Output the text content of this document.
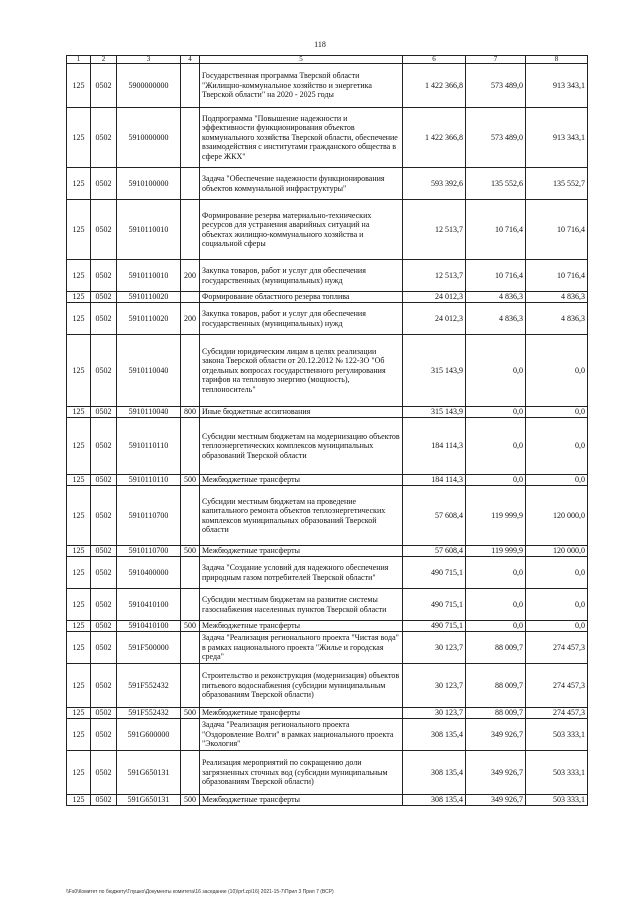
118
1	2	3	4	5	6	7	8
125	0502	5900000000		Государственная программа Тверской области "Жилищно-коммунальное хозяйство и энергетика Тверской области" на 2020 - 2025 годы	1 422 366,8	573 489,0	913 343,1
125	0502	5910000000		Подпрограмма "Повышение надежности и эффективности функционирования объектов коммунального хозяйства Тверской области, обеспечение взаимодействия с институтами гражданского общества в сфере ЖКХ"	1 422 366,8	573 489,0	913 343,1
125	0502	5910100000		Задача "Обеспечение надежности функционирования объектов коммунальной инфраструктуры"	593 392,6	135 552,6	135 552,7
125	0502	5910110010		Формирование резерва материально-технических ресурсов для устранения аварийных ситуаций на объектах жилищно-коммунального хозяйства и социальной сферы	12 513,7	10 716,4	10 716,4
125	0502	5910110010	200	Закупка товаров, работ и услуг для обеспечения государственных (муниципальных) нужд	12 513,7	10 716,4	10 716,4
125	0502	5910110020		Формирование областного резерва топлива	24 012,3	4 836,3	4 836,3
125	0502	5910110020	200	Закупка товаров, работ и услуг для обеспечения государственных (муниципальных) нужд	24 012,3	4 836,3	4 836,3
125	0502	5910110040		Субсидии юридическим лицам в целях реализации закона Тверской области от 20.12.2012 № 122-ЗО "Об отдельных вопросах государственного регулирования тарифов на тепловую энергию (мощность), теплоноситель"	315 143,9	0,0	0,0
125	0502	5910110040	800	Иные бюджетные ассигнования	315 143,9	0,0	0,0
125	0502	5910110110		Субсидии местным бюджетам на модернизацию объектов теплоэнергетических комплексов муниципальных образований Тверской области	184 114,3	0,0	0,0
125	0502	5910110110	500	Межбюджетные трансферты	184 114,3	0,0	0,0
125	0502	5910110700		Субсидии местным бюджетам на проведение капитального ремонта объектов теплоэнергетических комплексов муниципальных образований Тверской области	57 608,4	119 999,9	120 000,0
125	0502	5910110700	500	Межбюджетные трансферты	57 608,4	119 999,9	120 000,0
125	0502	5910400000		Задача "Создание условий для надежного обеспечения природным газом потребителей Тверской области"	490 715,1	0,0	0,0
125	0502	5910410100		Субсидии местным бюджетам на развитие системы газоснабжения населенных пунктов Тверской области	490 715,1	0,0	0,0
125	0502	5910410100	500	Межбюджетные трансферты	490 715,1	0,0	0,0
125	0502	591F500000		Задача "Реализация регионального проекта "Чистая вода" в рамках национального проекта "Жилье и городская среда"	30 123,7	88 009,7	274 457,3
125	0502	591F552432		Строительство и реконструкция (модернизация) объектов питьевого водоснабжения (субсидии муниципальным образованиям Тверской области)	30 123,7	88 009,7	274 457,3
125	0502	591F552432	500	Межбюджетные трансферты	30 123,7	88 009,7	274 457,3
125	0502	591G600000		Задача "Реализация регионального проекта "Оздоровление Волги" в рамках национального проекта "Экология"	308 135,4	349 926,7	503 333,1
125	0502	591G650131		Реализация мероприятий по сокращению доли загрязненных сточных вод (субсидии муниципальным образованиям Тверской области)	308 135,4	349 926,7	503 333,1
125	0502	591G650131	500	Межбюджетные трансферты	308 135,4	349 926,7	503 333,1
\\Fs0\Комитет по бюджету\Глушко\Документы комитета\16 заседание (10)\prf.zp\16) 2021-15-7\Прил 3 Прил 7 (ВСР)
